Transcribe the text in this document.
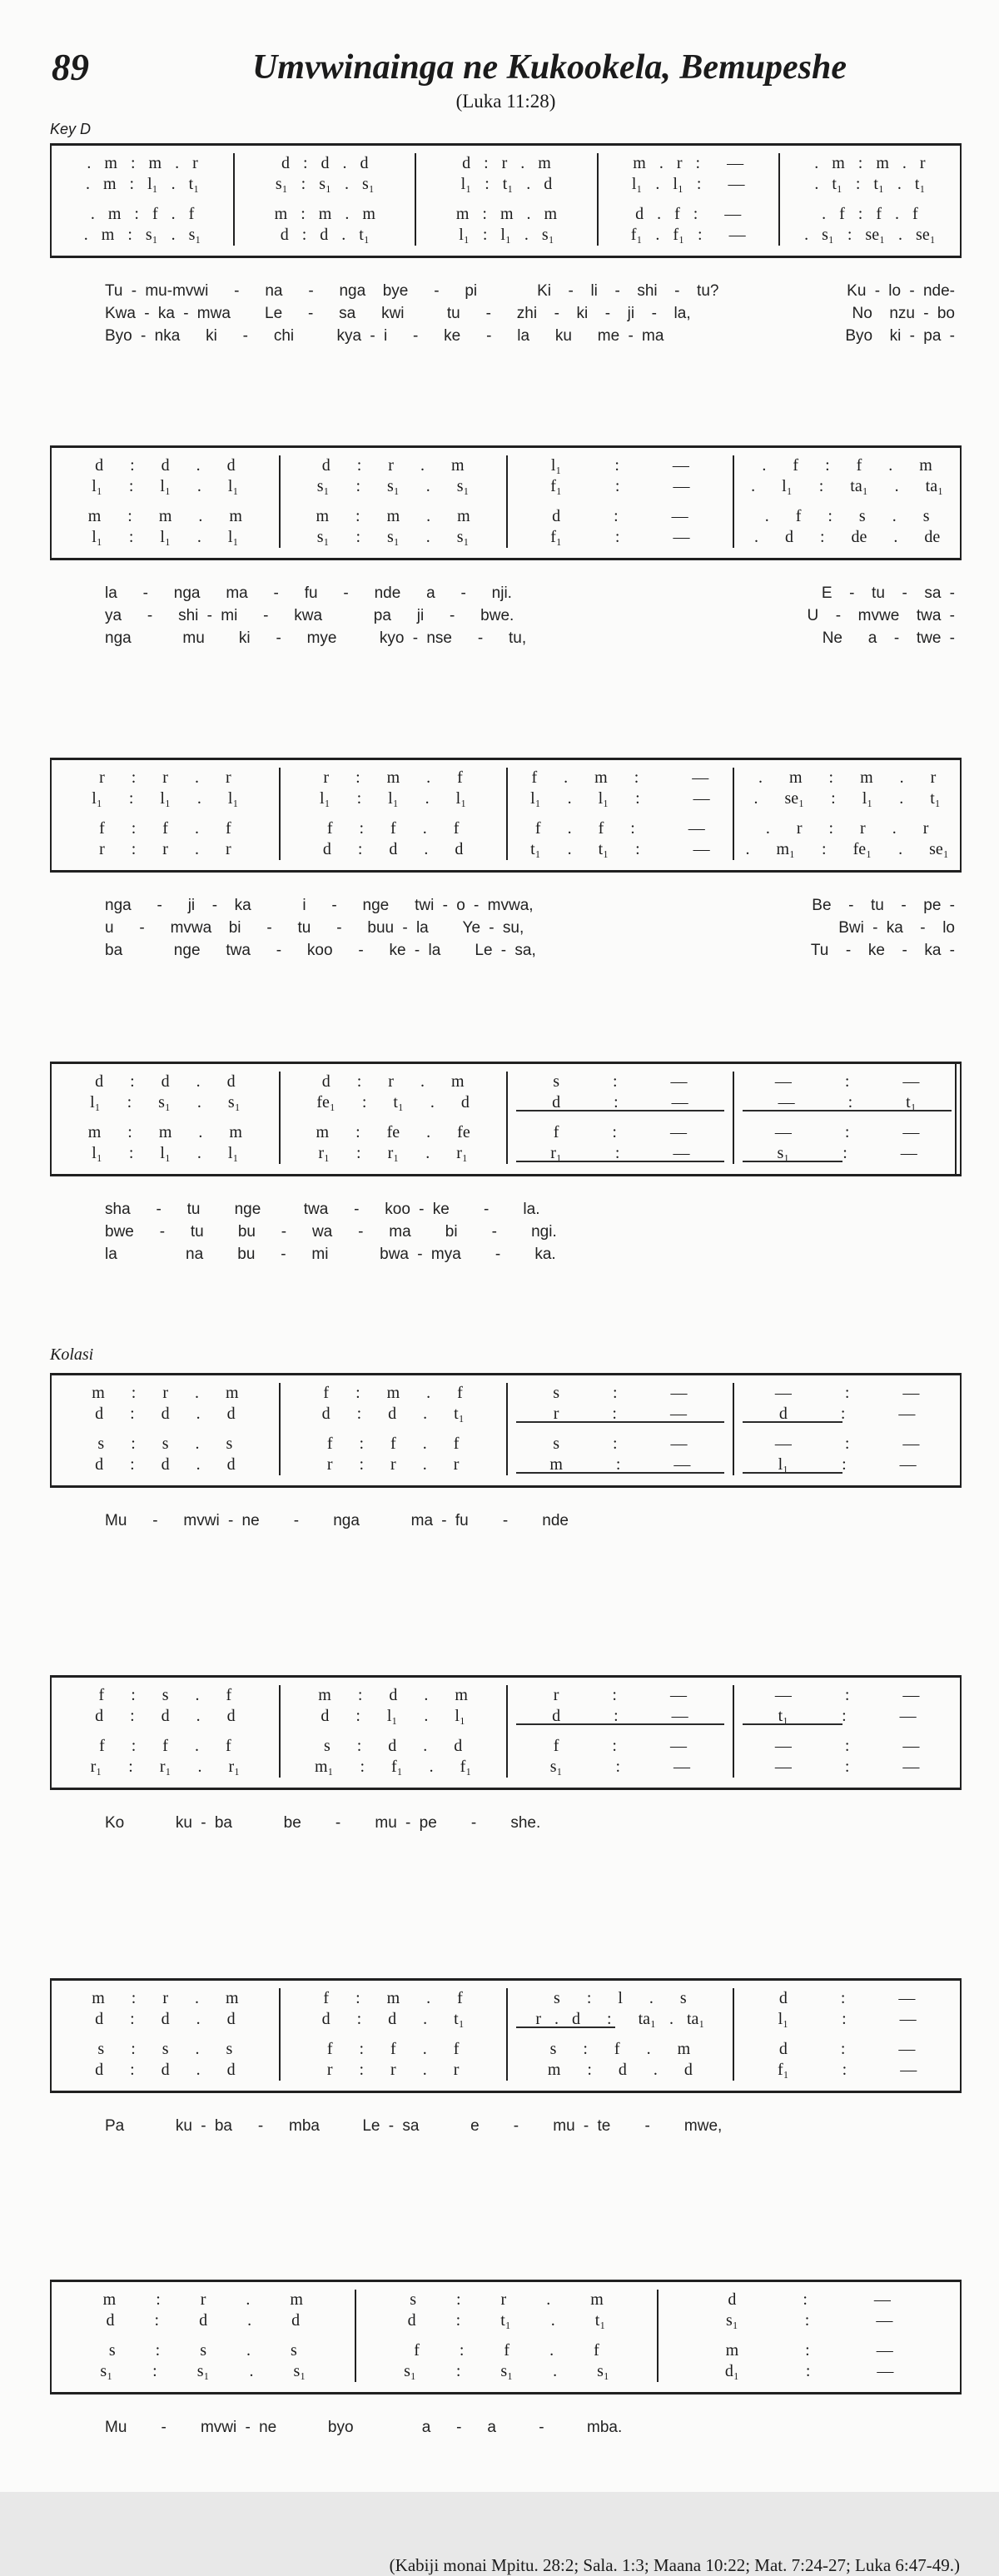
89	Umvwinainga ne Kukookela, Bemupeshe
(Luka 11:28)
Key D
. m : m . r	d : d . d	d : r . m	m . r :  —	. m : m . r
. m : l₁ . t₁	s₁ : s₁ . s₁	l₁ : t₁ . d	l₁ . l₁ :  —	. t₁ : t₁ . t₁
. m : f . f	m : m . m	m : m . m	d . f :  —	. f : f . f
. m : s₁ . s₁	d : d . t₁	l₁ : l₁ . s₁	f₁ . f₁ :  —	. s₁ : se₁ . se₁
Tu - mu-mvwi   -   na   -   nga  bye   -   pi       Ki  -  li  -  shi  -  tu?	Ku - lo - nde-
Kwa - ka - mwa    Le   -   sa   kwi     tu   -   zhi  -  ki  -  ji  -  la,	No  nzu - bo
Byo - nka   ki   -   chi     kya - i   -   ke   -   la   ku   me - ma	Byo  ki - pa -
d  :  d  .  d	d  :  r  .  m	l₁    :    —	.  f  :  f  .  m
l₁  :  l₁  .  l₁	s₁  :  s₁  .  s₁	f₁    :    —	.  l₁  :  ta₁  .  ta₁
m  :  m  .  m	m  :  m  .  m	d    :    —	.  f  :  s  .  s
l₁  :  l₁  .  l₁	s₁  :  s₁  .  s₁	f₁    :    —	.  d  :  de  .  de
la   -   nga   ma   -   fu   -   nde   a   -   nji.	E  -  tu  -  sa -
ya   -   shi - mi   -   kwa      pa   ji   -   bwe.	U  -  mvwe  twa -
nga      mu    ki   -   mye     kyo - nse   -   tu,	Ne   a  -  twe -
r  :  r  .  r	r  :  m  .  f	f  .  m  :    —	.  m  :  m  .  r
l₁  :  l₁  .  l₁	l₁  :  l₁  .  l₁	l₁  .  l₁  :    —	.  se₁  :  l₁  .  t₁
f  :  f  .  f	f  :  f  .  f	f  .  f  :    —	.  r  :  r  .  r
r  :  r  .  r	d  :  d  .  d	t₁  .  t₁  :    —	.  m₁  :  fe₁  .  se₁
nga   -   ji  -  ka      i   -   nge   twi - o - mvwa,	Be  -  tu  -  pe -
u   -   mvwa  bi   -   tu   -   buu - la    Ye - su,	Bwi - ka  -  lo
ba      nge   twa   -   koo   -   ke - la    Le - sa,	Tu  -  ke  -  ka -
d  :  d  .  d	d  :  r  .  m	s    :    —	—    :    —
l₁  :  s₁  .  s₁	fe₁  :  t₁  .  d	d    :    —	—    :    t₁
m  :  m  .  m	m  :  fe  .  fe	f    :    —	—    :    —
l₁  :  l₁  .  l₁	r₁  :  r₁  .  r₁	r₁    :    —	s₁    :    —
sha   -   tu    nge     twa   -   koo - ke    -    la.
bwe   -   tu    bu   -   wa   -   ma    bi    -    ngi.
la        na    bu   -   mi      bwa - mya    -    ka.
Kolasi
m  :  r  .  m	f  :  m  .  f	s    :    —	—    :    —
d  :  d  .  d	d  :  d  .  t₁	r    :    —	d    :    —
s  :  s  .  s	f  :  f  .  f	s    :    —	—    :    —
d  :  d  .  d	r  :  r  .  r	m    :    —	l₁    :    —
Mu   -   mvwi - ne    -    nga      ma - fu    -    nde
f  :  s  .  f	m  :  d  .  m	r    :    —	—    :    —
d  :  d  .  d	d  :  l₁  .  l₁	d    :    —	t₁    :    —
f  :  f  .  f	s  :  d  .  d	f    :    —	—    :    —
r₁  :  r₁  .  r₁	m₁  :  f₁  .  f₁	s₁    :    —	—    :    —
Ko      ku - ba      be    -    mu - pe    -    she.
m  :  r  .  m	f  :  m  .  f	s  :  l  .  s	d    :    —
d  :  d  .  d	d  :  d  .  t₁	r . d  :  ta₁ . ta₁	l₁    :    —
s  :  s  .  s	f  :  f  .  f	s  :  f  .  m	d    :    —
d  :  d  .  d	r  :  r  .  r	m  :  d  .  d	f₁    :    —
Pa      ku - ba   -   mba     Le - sa      e    -    mu - te    -    mwe,
m   :   r   .   m	s   :   r   .   m	d     :     —
d   :   d   .   d	d   :   t₁   .   t₁	s₁     :     —
s   :   s   .   s	f   :   f   .   f	m     :     —
s₁   :   s₁   .   s₁	s₁   :   s₁   .   s₁	d₁     :     —
Mu    -    mvwi - ne      byo        a   -   a     -     mba.
(Kabiji monai Mpitu. 28:2; Sala. 1:3; Maana 10:22; Mat. 7:24-27; Luka 6:47-49.)
